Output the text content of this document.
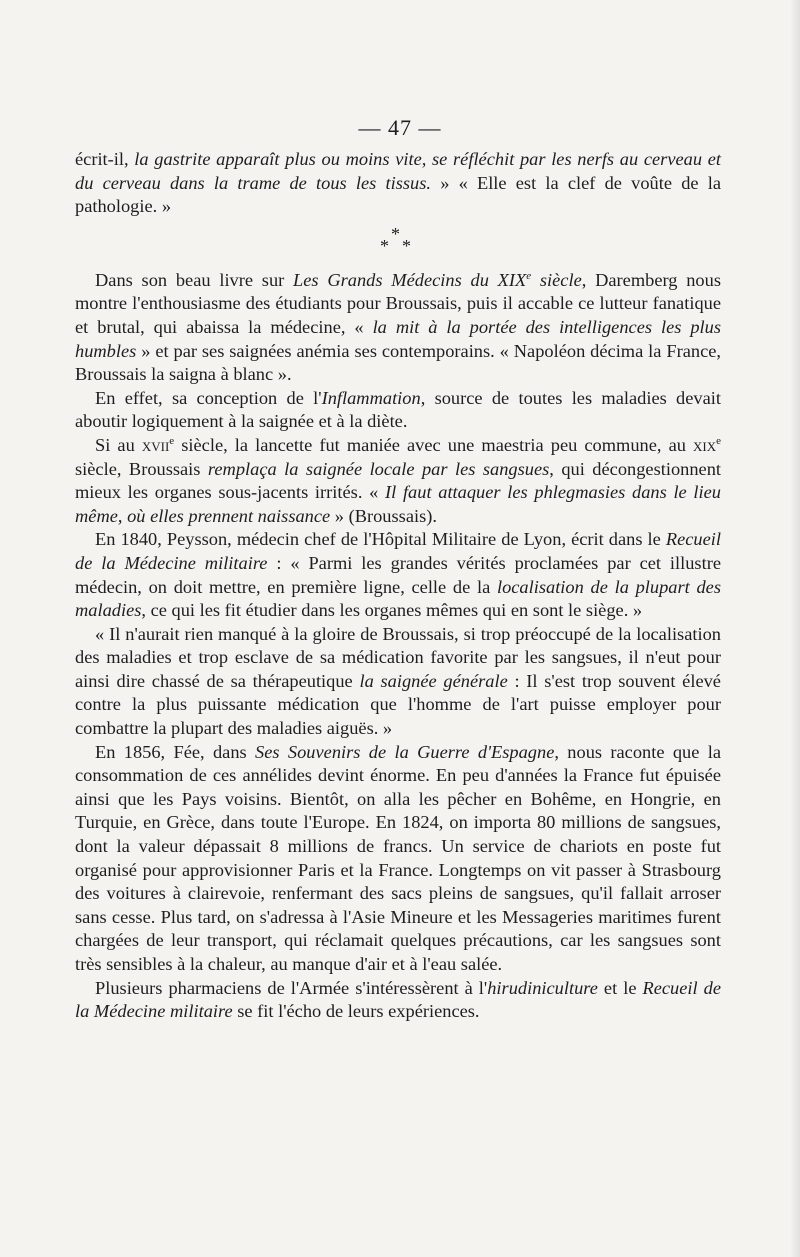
— 47 —

écrit-il, la gastrite apparaît plus ou moins vite, se réfléchit par les nerfs au cerveau et du cerveau dans la trame de tous les tissus. » « Elle est la clef de voûte de la pathologie. »

*
* *

Dans son beau livre sur Les Grands Médecins du XIXe siècle, Daremberg nous montre l'enthousiasme des étudiants pour Broussais, puis il accable ce lutteur fanatique et brutal, qui abaissa la médecine, « la mit à la portée des intelligences les plus humbles » et par ses saignées anémia ses contemporains. « Napoléon décima la France, Broussais la saigna à blanc ».

En effet, sa conception de l'Inflammation, source de toutes les maladies devait aboutir logiquement à la saignée et à la diète.

Si au xvii$^e$ siècle, la lancette fut maniée avec une maestria peu commune, au xix$^e$ siècle, Broussais remplaça la saignée locale par les sangsues, qui décongestionnent mieux les organes sous-jacents irrités. « Il faut attaquer les phlegmasies dans le lieu même, où elles prennent naissance » (Broussais).

En 1840, Peysson, médecin chef de l'Hôpital Militaire de Lyon, écrit dans le Recueil de la Médecine militaire : « Parmi les grandes vérités proclamées par cet illustre médecin, on doit mettre, en première ligne, celle de la localisation de la plupart des maladies, ce qui les fit étudier dans les organes mêmes qui en sont le siège. »

« Il n'aurait rien manqué à la gloire de Broussais, si trop préoccupé de la localisation des maladies et trop esclave de sa médication favorite par les sangsues, il n'eut pour ainsi dire chassé de sa thérapeutique la saignée générale : Il s'est trop souvent élevé contre la plus puissante médication que l'homme de l'art puisse employer pour combattre la plupart des maladies aiguës. »

En 1856, Fée, dans Ses Souvenirs de la Guerre d'Espagne, nous raconte que la consommation de ces annélides devint énorme. En peu d'années la France fut épuisée ainsi que les Pays voisins. Bientôt, on alla les pêcher en Bohême, en Hongrie, en Turquie, en Grèce, dans toute l'Europe. En 1824, on importa 80 millions de sangsues, dont la valeur dépassait 8 millions de francs. Un service de chariots en poste fut organisé pour approvisionner Paris et la France. Longtemps on vit passer à Strasbourg des voitures à clairevoie, renfermant des sacs pleins de sangsues, qu'il fallait arroser sans cesse. Plus tard, on s'adressa à l'Asie Mineure et les Messageries maritimes furent chargées de leur transport, qui réclamait quelques précautions, car les sangsues sont très sensibles à la chaleur, au manque d'air et à l'eau salée.

Plusieurs pharmaciens de l'Armée s'intéressèrent à l'hirudiniculture et le Recueil de la Médecine militaire se fit l'écho de leurs expériences.
